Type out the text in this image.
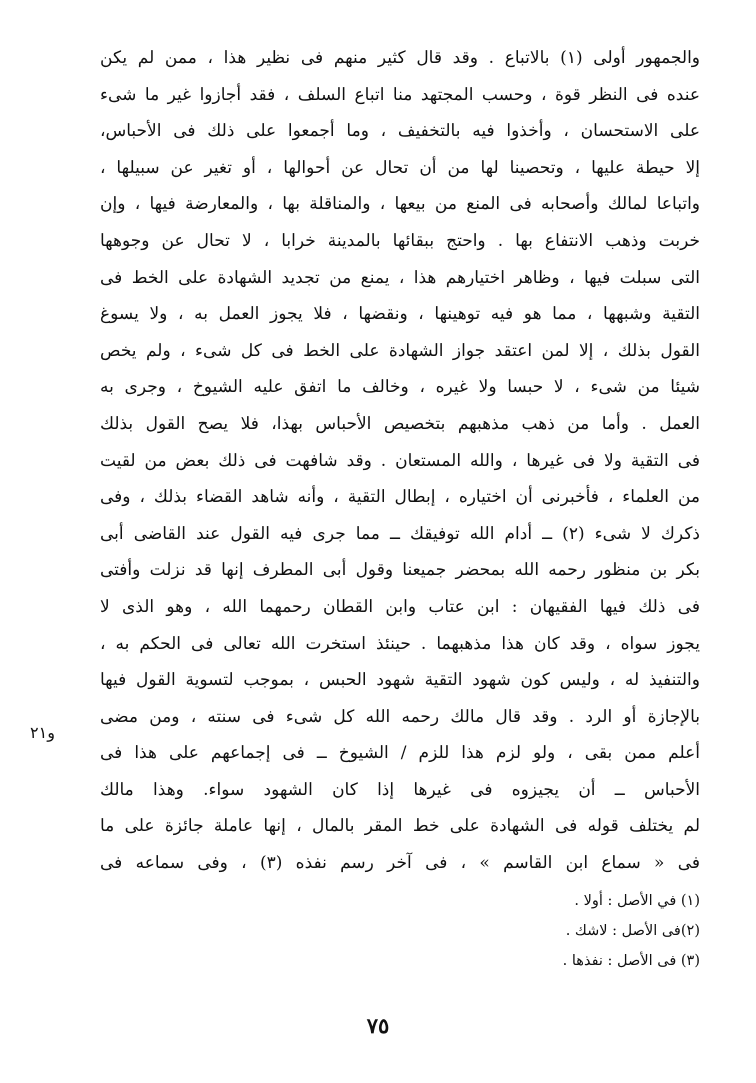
والجمهور أولى (١) بالاتباع . وقد قال كثير منهم فى نظير هذا ، ممن لم يكن
عنده فى النظر قوة ، وحسب المجتهد منا اتباع السلف ، فقد أجازوا غير ما شىء
على الاستحسان ، وأخذوا فيه بالتخفيف ، وما أجمعوا على ذلك فى الأحباس،
إلا حيطة عليها ، وتحصينا لها من أن تحال عن أحوالها ، أو تغير عن سبيلها ،
واتباعا لمالك وأصحابه فى المنع من بيعها ، والمناقلة بها ، والمعارضة فيها ، وإن
خربت وذهب الانتفاع بها . واحتج ببقائها بالمدينة خرابا ، لا تحال عن وجوهها
التى سبلت فيها ، وظاهر اختيارهم هذا ، يمنع من تجديد الشهادة على الخط فى
التقية وشبهها ، مما هو فيه توهينها ، ونقضها ، فلا يجوز العمل به ، ولا يسوغ
القول بذلك ، إلا لمن اعتقد جواز الشهادة على الخط فى كل شىء ، ولم يخص
شيئا من شىء ، لا حبسا ولا غيره ، وخالف ما اتفق عليه الشيوخ ، وجرى به
العمل . وأما من ذهب مذهبهم بتخصيص الأحباس بهذا، فلا يصح القول بذلك
فى التقية ولا فى غيرها ، والله المستعان . وقد شافهت فى ذلك بعض من لقيت
من العلماء ، فأخبرنى أن اختياره ، إبطال التقية ، وأنه شاهد القضاء بذلك ، وفى
ذكرك لا شىء (٢) ــ أدام الله توفيقك ــ مما جرى فيه القول عند القاضى أبى
بكر بن منظور رحمه الله بمحضر جميعنا وقول أبى المطرف إنها قد نزلت وأفتى
فى ذلك فيها الفقيهان : ابن عتاب وابن القطان رحمهما الله ، وهو الذى لا
يجوز سواه ، وقد كان هذا مذهبهما . حينئذ استخرت الله تعالى فى الحكم به ،
والتنفيذ له ، وليس كون شهود التقية شهود الحبس ، بموجب لتسوية القول فيها
بالإجازة أو الرد . وقد قال مالك رحمه الله كل شىء فى سنته ، ومن مضى
أعلم ممن بقى ، ولو لزم هذا للزم / الشيوخ ــ فى إجماعهم على هذا فى
الأحباس ــ أن يجيزوه فى غيرها إذا كان الشهود سواء. وهذا مالك
لم يختلف قوله فى الشهادة على خط المقر بالمال ، إنها عاملة جائزة على ما
فى « سماع ابن القاسم » ، فى آخر رسم نفذه (٣) ، وفى سماعه فى
و٢١
(١) في الأصل : أولا .
(٢)فى الأصل : لاشك .
(٣) فى الأصل : نفذها .
٧٥
